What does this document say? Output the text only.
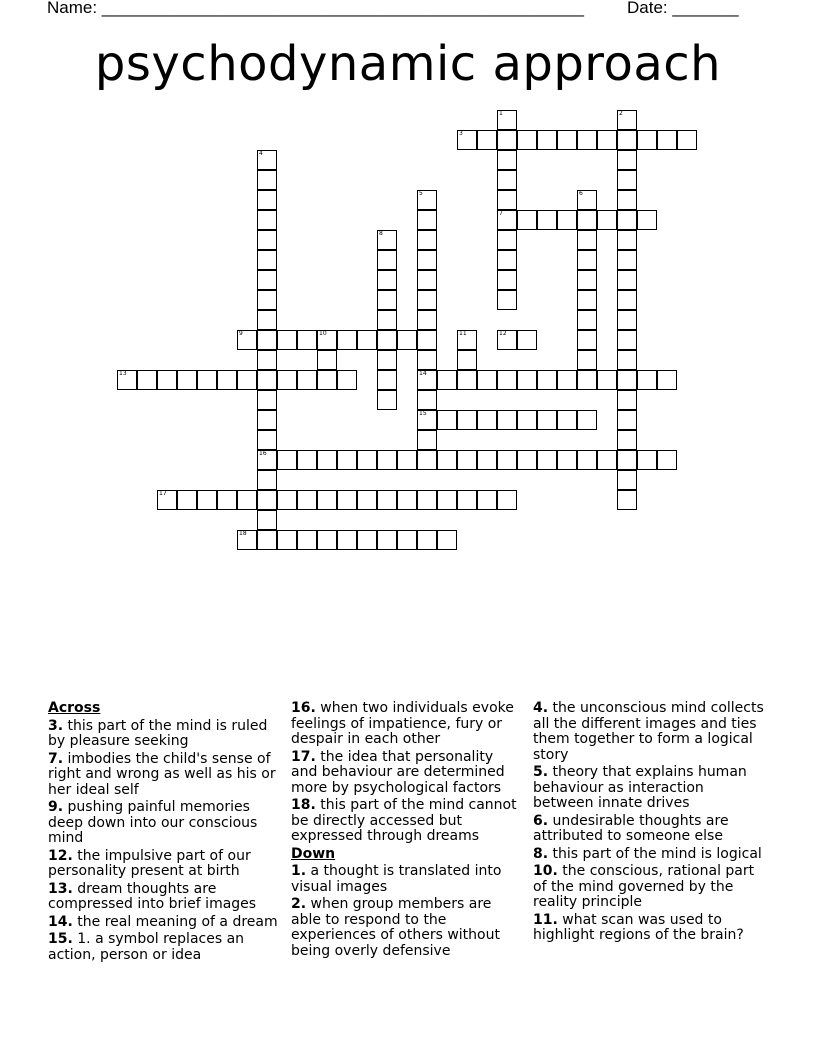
Name: ___________________________________________________	Date: _______
psychodynamic approach
1
7
2
3
4
16
5
14
15
6
8
9	10	11	12
13
17
18
Across
3. this part of the mind is ruled by pleasure seeking
7. imbodies the child's sense of right and wrong as well as his or her ideal self
9. pushing painful memories deep down into our conscious mind
12. the impulsive part of our personality present at birth
13. dream thoughts are compressed into brief images
14. the real meaning of a dream
15. 1. a symbol replaces an action, person or idea
16. when two individuals evoke feelings of impatience, fury or despair in each other
17. the idea that personality and behaviour are determined more by psychological factors
18. this part of the mind cannot be directly accessed but expressed through dreams
Down
1. a thought is translated into visual images
2. when group members are able to respond to the experiences of others without being overly defensive
4. the unconscious mind collects all the different images and ties them together to form a logical story
5. theory that explains human behaviour as interaction between innate drives
6. undesirable thoughts are attributed to someone else
8. this part of the mind is logical
10. the conscious, rational part of the mind governed by the reality principle
11. what scan was used to highlight regions of the brain?
